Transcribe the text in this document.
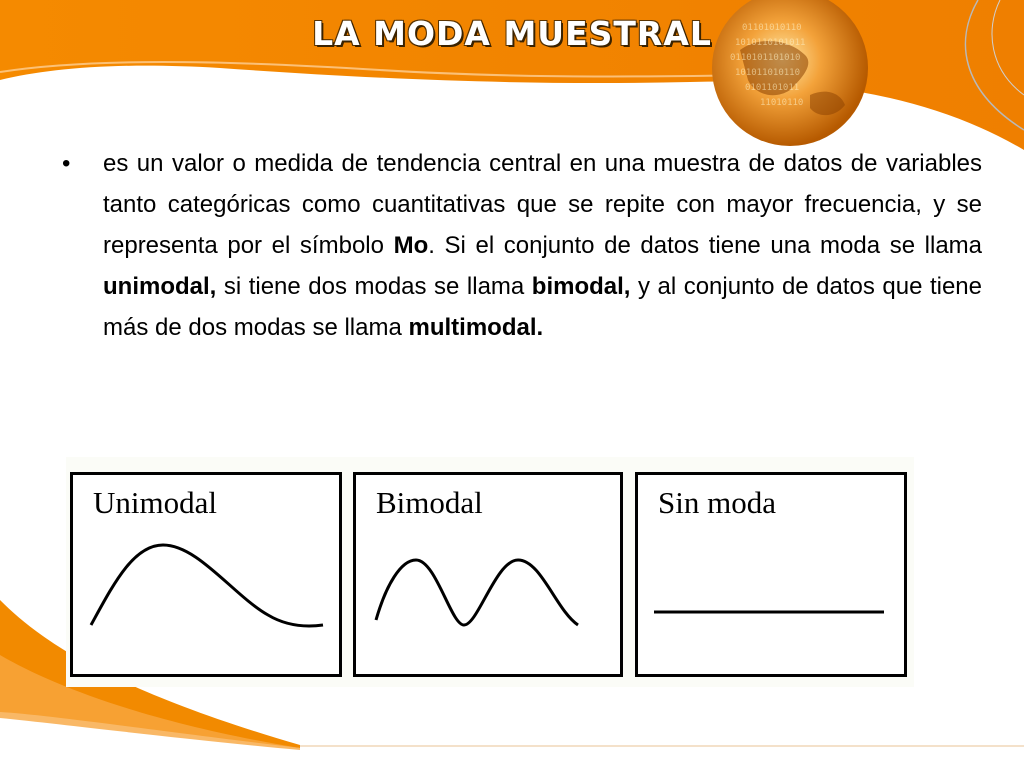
01101010110
1010110101011
0110101101010
101011010110
0101101011
11010110
LA MODA MUESTRAL
• es un valor o medida de tendencia central en una muestra de datos de variables tanto categóricas como cuantitativas que se repite con mayor frecuencia, y se representa por el símbolo Mo. Si el conjunto de datos tiene una moda se llama unimodal, si tiene dos modas se llama bimodal, y al conjunto de datos que tiene más de dos modas se llama multimodal.
Unimodal	Bimodal	Sin moda
